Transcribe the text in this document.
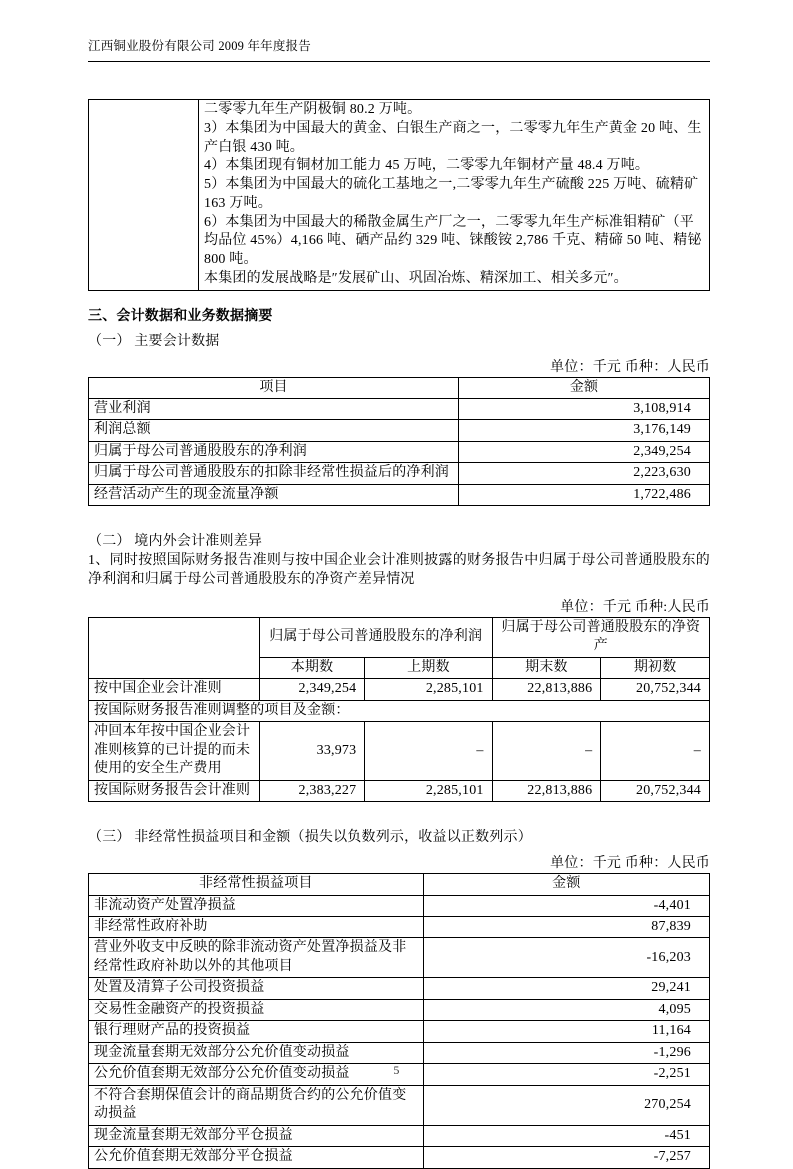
江西铜业股份有限公司 2009 年年度报告

二零零九年生产阴极铜 80.2 万吨。

3）本集团为中国最大的黄金、白银生产商之一，二零零九年生产黄金 20 吨、生产白银 430 吨。

4）本集团现有铜材加工能力 45 万吨，二零零九年铜材产量 48.4 万吨。

5）本集团为中国最大的硫化工基地之一,二零零九年生产硫酸 225 万吨、硫精矿 163 万吨。

6）本集团为中国最大的稀散金属生产厂之一，二零零九年生产标准钼精矿（平均品位 45%）4,166 吨、硒产品约 329 吨、铼酸铵 2,786 千克、精碲 50 吨、精铋 800 吨。

本集团的发展战略是″发展矿山、巩固冶炼、精深加工、相关多元″。

三、会计数据和业务数据摘要

（一） 主要会计数据

单位：千元 币种：人民币

项目	金额
营业利润	3,108,914
利润总额	3,176,149
归属于母公司普通股股东的净利润	2,349,254
归属于母公司普通股股东的扣除非经常性损益后的净利润	2,223,630
经营活动产生的现金流量净额	1,722,486

（二） 境内外会计准则差异

1、同时按照国际财务报告准则与按中国企业会计准则披露的财务报告中归属于母公司普通股股东的净利润和归属于母公司普通股股东的净资产差异情况

单位：千元 币种:人民币

	归属于母公司普通股股东的净利润		归属于母公司普通股股东的净资产	
	本期数	上期数	期末数	期初数
按中国企业会计准则	2,349,254	2,285,101	22,813,886	20,752,344
按国际财务报告准则调整的项目及金额：				
冲回本年按中国企业会计准则核算的已计提的而未使用的安全生产费用	33,973	–	–	–
按国际财务报告会计准则	2,383,227	2,285,101	22,813,886	20,752,344

（三） 非经常性损益项目和金额（损失以负数列示，收益以正数列示）

单位：千元 币种：人民币

非经常性损益项目	金额
非流动资产处置净损益	-4,401
非经常性政府补助	87,839
营业外收支中反映的除非流动资产处置净损益及非经常性政府补助以外的其他项目	-16,203
处置及清算子公司投资损益	29,241
交易性金融资产的投资损益	4,095
银行理财产品的投资损益	11,164
现金流量套期无效部分公允价值变动损益	-1,296
公允价值套期无效部分公允价值变动损益	-2,251
不符合套期保值会计的商品期货合约的公允价值变动损益	270,254
现金流量套期无效部分平仓损益	-451
公允价值套期无效部分平仓损益	-7,257
5
